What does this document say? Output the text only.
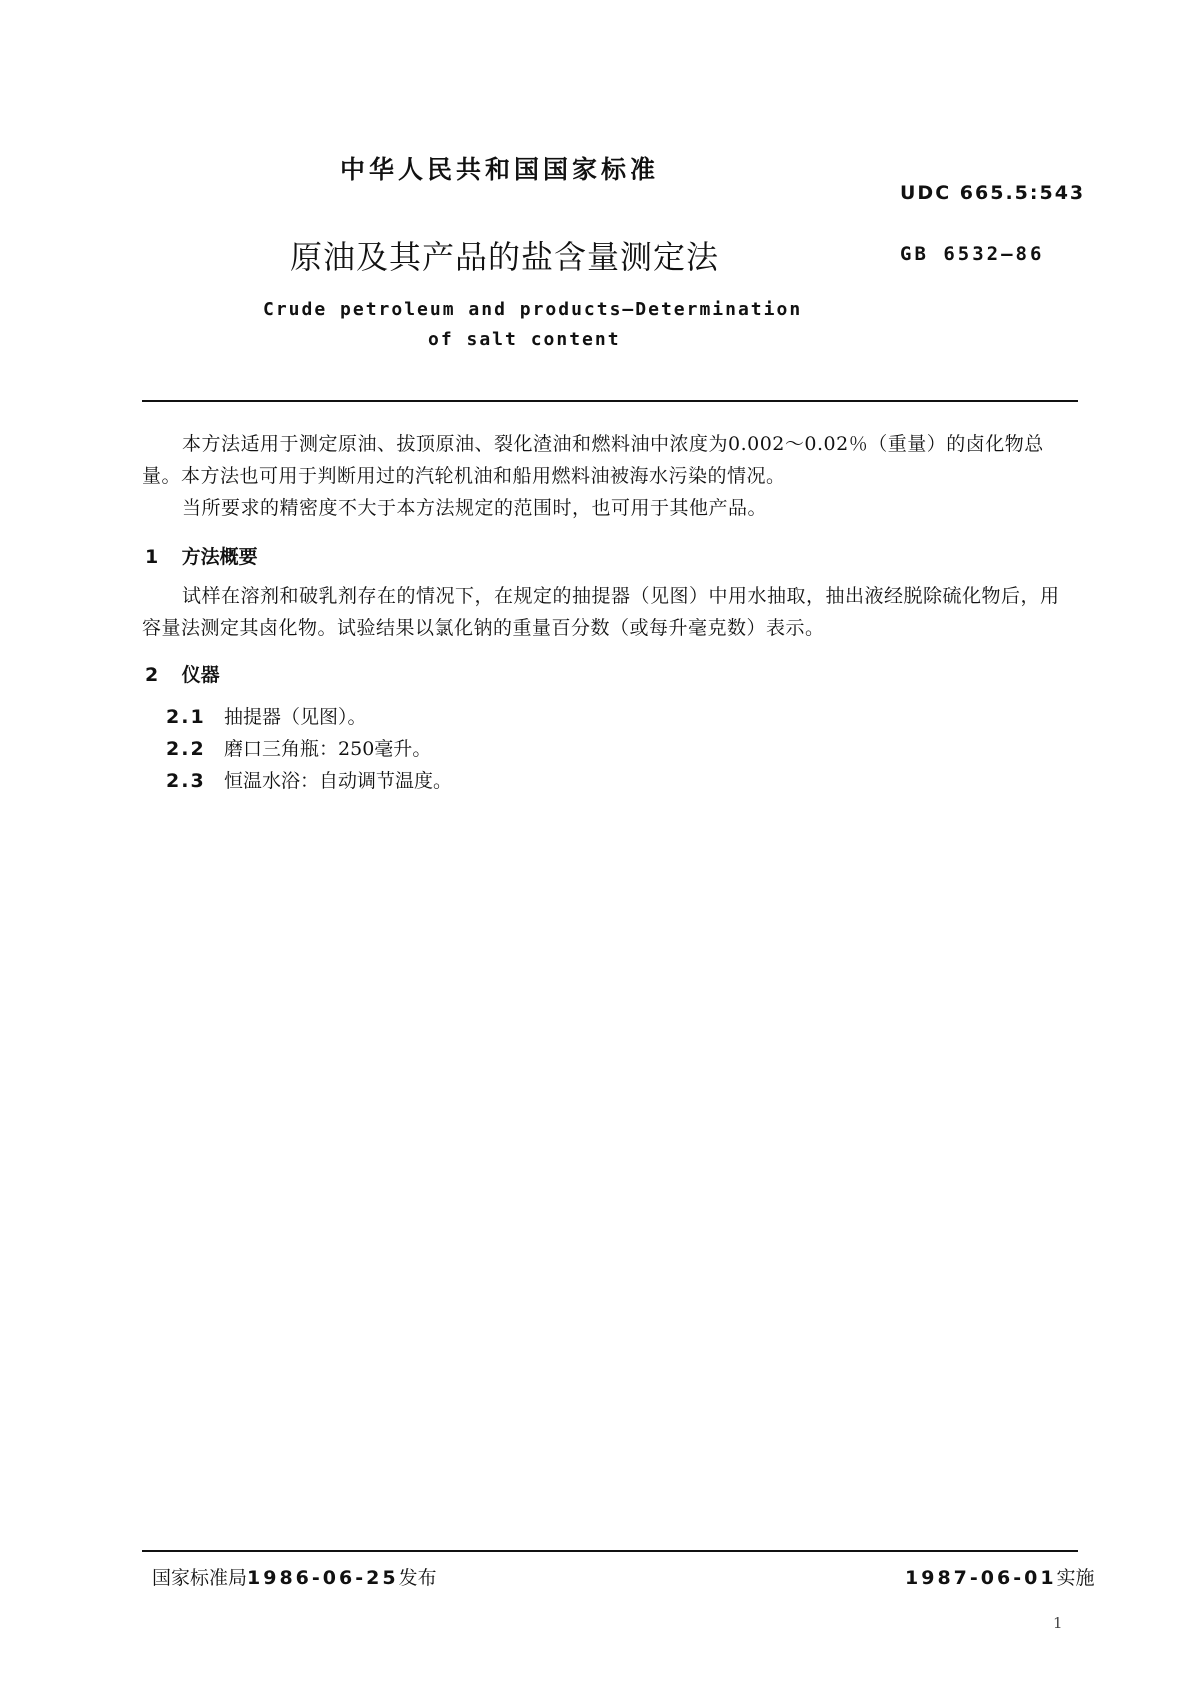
中华人民共和国国家标准
UDC 665.5:543
原油及其产品的盐含量测定法	GB 6532—86
Crude petroleum and products—Determination
of salt content

本方法适用于测定原油、拔顶原油、裂化渣油和燃料油中浓度为0.002～0.02％（重量）的卤化物总量。本方法也可用于判断用过的汽轮机油和船用燃料油被海水污染的情况。

当所要求的精密度不大于本方法规定的范围时，也可用于其他产品。

1 方法概要

试样在溶剂和破乳剂存在的情况下，在规定的抽提器（见图）中用水抽取，抽出液经脱除硫化物后，用容量法测定其卤化物。试验结果以氯化钠的重量百分数（或每升毫克数）表示。

2 仪器
2.1 抽提器（见图）。
2.2 磨口三角瓶：250毫升。
2.3 恒温水浴：自动调节温度。
国家标准局1986-06-25发布	1987-06-01实施
1
